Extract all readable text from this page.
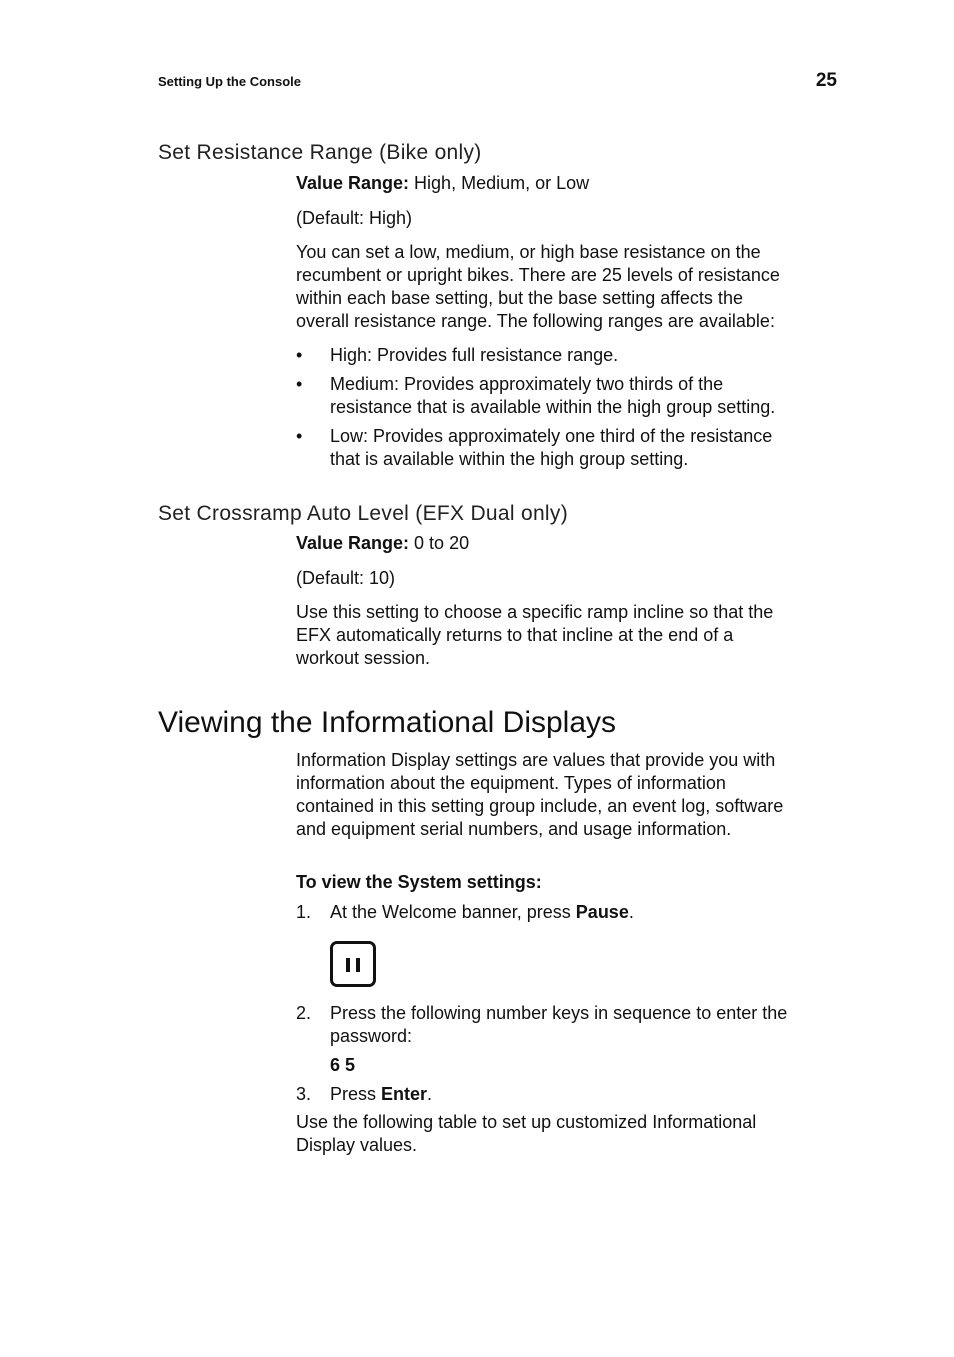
Setting Up the Console	25
Set Resistance Range (Bike only)
Value Range: High, Medium, or Low
(Default: High)
You can set a low, medium, or high base resistance on the
recumbent or upright bikes. There are 25 levels of resistance
within each base setting, but the base setting affects the
overall resistance range. The following ranges are available:
•	High: Provides full resistance range.
•	Medium: Provides approximately two thirds of the
resistance that is available within the high group setting.
•	Low: Provides approximately one third of the resistance
that is available within the high group setting.
Set Crossramp Auto Level (EFX Dual only)
Value Range: 0 to 20
(Default: 10)
Use this setting to choose a specific ramp incline so that the
EFX automatically returns to that incline at the end of a
workout session.
Viewing the Informational Displays
Information Display settings are values that provide you with
information about the equipment. Types of information
contained in this setting group include, an event log, software
and equipment serial numbers, and usage information.
To view the System settings:
1. At the Welcome banner, press Pause.
2. Press the following number keys in sequence to enter the
password:
6 5
3. Press Enter.
Use the following table to set up customized Informational
Display values.
